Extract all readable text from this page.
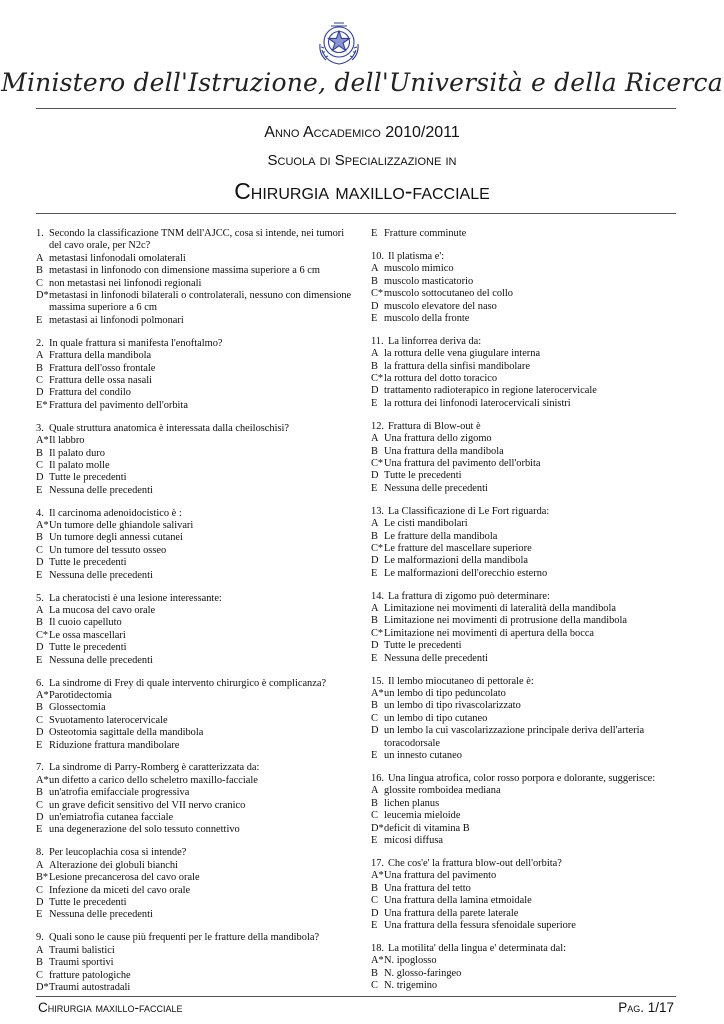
Ministero dell'Istruzione, dell'Università e della Ricerca
Anno Accademico 2010/2011
Scuola di Specializzazione in
Chirurgia maxillo-facciale
1. Secondo la classificazione TNM dell'AJCC, cosa si intende, nei tumori del cavo orale, per N2c?
A metastasi linfonodali omolaterali
B metastasi in linfonodo con dimensione massima superiore a 6 cm
C non metastasi nei linfonodi regionali
D* metastasi in linfonodi bilaterali o controlaterali, nessuno con dimensione massima superiore a 6 cm
E metastasi ai linfonodi polmonari
2. In quale frattura si manifesta l'enoftalmo?
A Frattura della mandibola
B Frattura dell'osso frontale
C Frattura delle ossa nasali
D Frattura del condilo
E* Frattura del pavimento dell'orbita
3. Quale struttura anatomica è interessata dalla cheiloschisi?
A* Il labbro
B Il palato duro
C Il palato molle
D Tutte le precedenti
E Nessuna delle precedenti
4. Il carcinoma adenoidocistico è :
A* Un tumore delle ghiandole salivari
B Un tumore degli annessi cutanei
C Un tumore del tessuto osseo
D Tutte le precedenti
E Nessuna delle precedenti
5. La cheratocisti è una lesione interessante:
A La mucosa del cavo orale
B Il cuoio capelluto
C* Le ossa mascellari
D Tutte le precedenti
E Nessuna delle precedenti
6. La sindrome di Frey di quale intervento chirurgico è complicanza?
A* Parotidectomia
B Glossectomia
C Svuotamento laterocervicale
D Osteotomia sagittale della mandibola
E Riduzione frattura mandibolare
7. La sindrome di Parry-Romberg è caratterizzata da:
A* un difetto a carico dello scheletro maxillo-facciale
B un'atrofia emifacciale progressiva
C un grave deficit sensitivo del VII nervo cranico
D un'emiatrofia cutanea facciale
E una degenerazione del solo tessuto connettivo
8. Per leucoplachia cosa si intende?
A Alterazione dei globuli bianchi
B* Lesione precancerosa del cavo orale
C Infezione da miceti del cavo orale
D Tutte le precedenti
E Nessuna delle precedenti
9. Quali sono le cause più frequenti per le fratture della mandibola?
A Traumi balistici
B Traumi sportivi
C fratture patologiche
D* Traumi autostradali
E Fratture comminute
10. Il platisma e':
A muscolo mimico
B muscolo masticatorio
C* muscolo sottocutaneo del collo
D muscolo elevatore del naso
E muscolo della fronte
11. La linforrea deriva da:
A la rottura delle vena giugulare interna
B la frattura della sinfisi mandibolare
C* la rottura del dotto toracico
D trattamento radioterapico in regione laterocervicale
E la rottura dei linfonodi laterocervicali sinistri
12. Frattura di Blow-out è
A Una frattura dello zigomo
B Una frattura della mandibola
C* Una frattura del pavimento dell'orbita
D Tutte le precedenti
E Nessuna delle precedenti
13. La Classificazione di Le Fort riguarda:
A Le cisti mandibolari
B Le fratture della mandibola
C* Le fratture del mascellare superiore
D Le malformazioni della mandibola
E Le malformazioni dell'orecchio esterno
14. La frattura di zigomo può determinare:
A Limitazione nei movimenti di lateralità della mandibola
B Limitazione nei movimenti di protrusione della mandibola
C* Limitazione nei movimenti di apertura della bocca
D Tutte le precedenti
E Nessuna delle precedenti
15. Il lembo miocutaneo di pettorale è:
A* un lembo di tipo peduncolato
B un lembo di tipo rivascolarizzato
C un lembo di tipo cutaneo
D un lembo la cui vascolarizzazione principale deriva dell'arteria toracodorsale
E un innesto cutaneo
16. Una lingua atrofica, color rosso porpora e dolorante, suggerisce:
A glossite romboidea mediana
B lichen planus
C leucemia mieloide
D* deficit di vitamina B
E micosi diffusa
17. Che cos'e' la frattura blow-out dell'orbita?
A* Una frattura del pavimento
B Una frattura del tetto
C Una frattura della lamina etmoidale
D Una frattura della parete laterale
E Una frattura della fessura sfenoidale superiore
18. La motilita' della lingua e' determinata dal:
A* N. ipoglosso
B N. glosso-faringeo
C N. trigemino
Chirurgia maxillo-facciale	Pag. 1/17
